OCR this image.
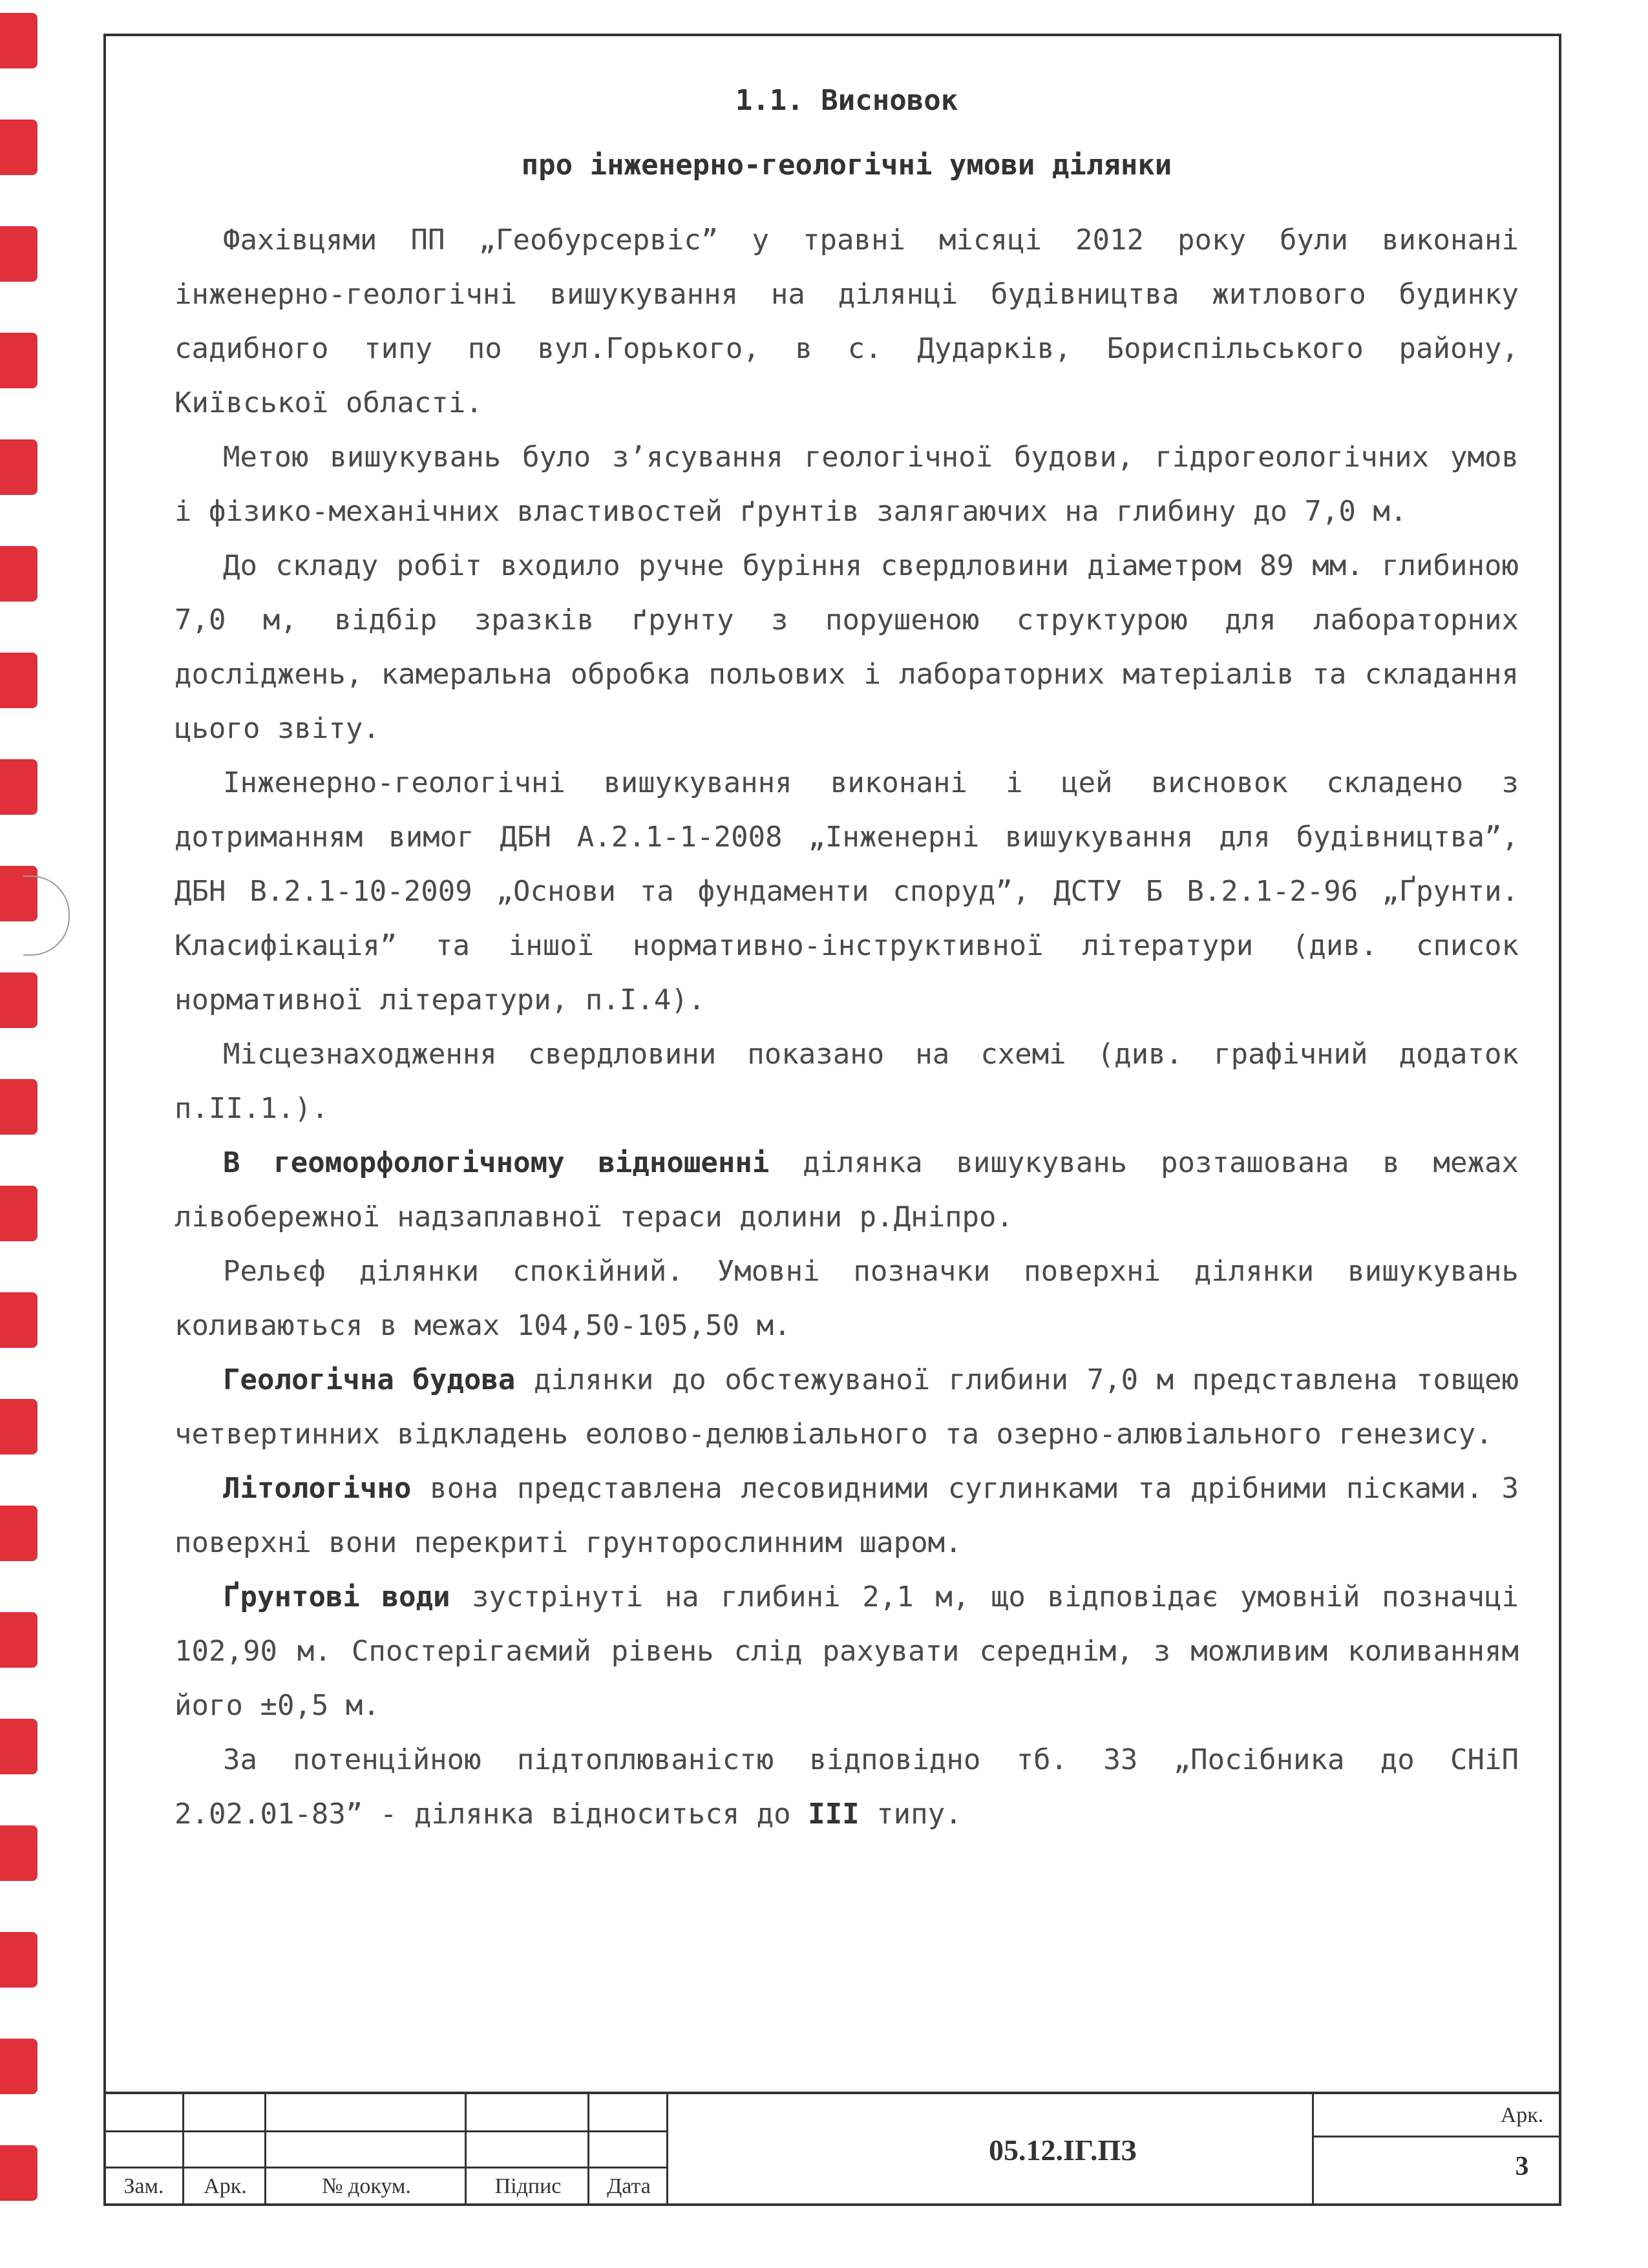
1.1. Висновок
про інженерно-геологічні умови ділянки

Фахівцями ПП „Геобурсервіс” у травні місяці 2012 року були виконані інженерно-геологічні вишукування на ділянці будівництва житлового будинку садибного типу по вул.Горького, в с. Дударків, Бориспільського району, Київської області.

Метою вишукувань було з’ясування геологічної будови, гідрогеологічних умов і фізико-механічних властивостей ґрунтів залягаючих на глибину до 7,0 м.

До складу робіт входило ручне буріння свердловини діаметром 89 мм. глибиною 7,0 м, відбір зразків ґрунту з порушеною структурою для лабораторних досліджень, камеральна обробка польових і лабораторних матеріалів та складання цього звіту.

Інженерно-геологічні вишукування виконані і цей висновок складено з дотриманням вимог ДБН А.2.1-1-2008 „Інженерні вишукування для будівництва”, ДБН В.2.1-10-2009 „Основи та фундаменти споруд”, ДСТУ Б В.2.1-2-96 „Ґрунти. Класифікація” та іншої нормативно-інструктивної літератури (див. список нормативної літератури, п.І.4).

Місцезнаходження свердловини показано на схемі (див. графічний додаток п.ІІ.1.).

В геоморфологічному відношенні ділянка вишукувань розташована в межах лівобережної надзаплавної тераси долини р.Дніпро.

Рельєф ділянки спокійний. Умовні позначки поверхні ділянки вишукувань коливаються в межах 104,50-105,50 м.

Геологічна будова ділянки до обстежуваної глибини 7,0 м представлена товщею четвертинних відкладень еолово-делювіального та озерно-алювіального генезису.

Літологічно вона представлена лесовидними суглинками та дрібними пісками. З поверхні вони перекриті грунторослинним шаром.

Ґрунтові води зустрінуті на глибині 2,1 м, що відповідає умовній позначці 102,90 м. Спостерігаємий рівень слід рахувати середнім, з можливим коливанням його ±0,5 м.

За потенційною підтоплюваністю відповідно тб. 33 „Посібника до СНіП 2.02.01-83” - ділянка відноситься до III типу.

Зам.	Арк.	№ докум.	Підпис	Дата
05.12.ІГ.ПЗ
Арк.
3
